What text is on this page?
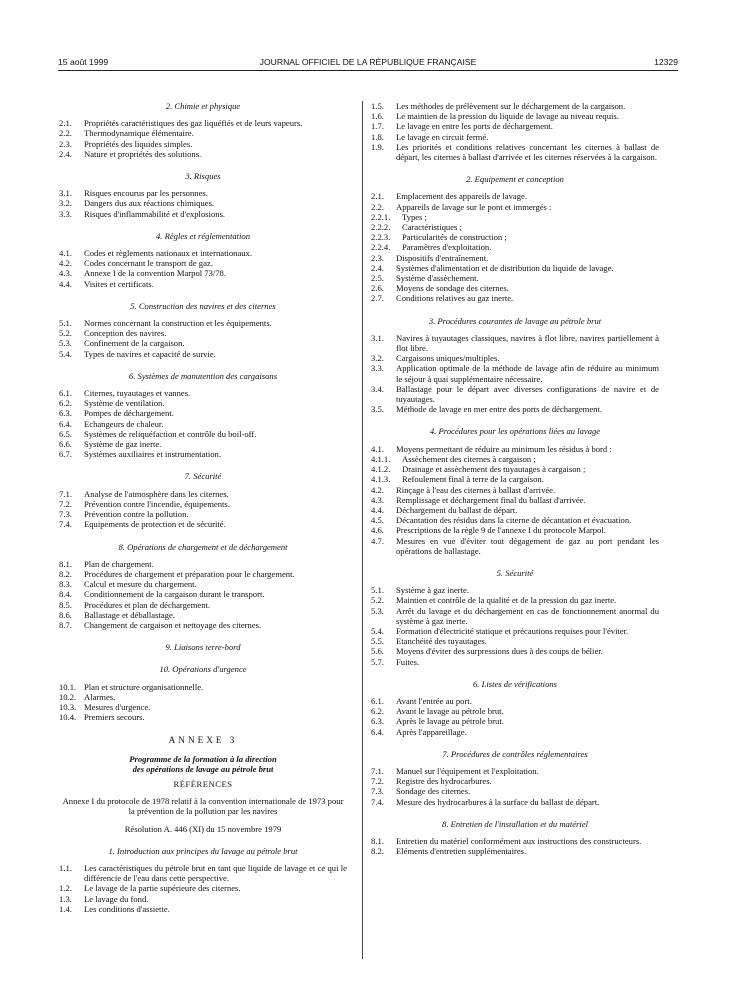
JOURNAL OFFICIEL DE LA RÉPUBLIQUE FRANÇAISE
15 août 1999	12329
2. Chimie et physique
2.1.	Propriétés caractéristiques des gaz liquéfiés et de leurs vapeurs.
2.2.	Thermodynamique élémentaire.
2.3.	Propriétés des liquides simples.
2.4.	Nature et propriétés des solutions.
3. Risques
3.1.	Risques encourus par les personnes.
3.2.	Dangers dus aux réactions chimiques.
3.3.	Risques d'inflammabilité et d'explosions.
4. Règles et réglementation
4.1.	Codes et règlements nationaux et internationaux.
4.2.	Codes concernant le transport de gaz.
4.3.	Annexe I de la convention Marpol 73/78.
4.4.	Visites et certificats.
5. Construction des navires et des citernes
5.1.	Normes concernant la construction et les équipements.
5.2.	Conception des navires.
5.3.	Confinement de la cargaison.
5.4.	Types de navires et capacité de survie.
6. Systèmes de manutention des cargaisons
6.1.	Citernes, tuyautages et vannes.
6.2.	Système de ventilation.
6.3.	Pompes de déchargement.
6.4.	Echangeurs de chaleur.
6.5.	Systèmes de reliquéfaction et contrôle du boil-off.
6.6.	Système de gaz inerte.
6.7.	Systèmes auxiliaires et instrumentation.
7. Sécurité
7.1.	Analyse de l'atmosphère dans les citernes.
7.2.	Prévention contre l'incendie, équipements.
7.3.	Prévention contre la pollution.
7.4.	Equipements de protection et de sécurité.
8. Opérations de chargement et de déchargement
8.1.	Plan de chargement.
8.2.	Procédures de chargement et préparation pour le chargement.
8.3.	Calcul et mesure du chargement.
8.4.	Conditionnement de la cargaison durant le transport.
8.5.	Procédures et plan de déchargement.
8.6.	Ballastage et déballastage.
8.7.	Changement de cargaison et nettoyage des citernes.
9. Liaisons terre-bord
10. Opérations d'urgence
10.1. Plan et structure organisationnelle.
10.2. Alarmes.
10.3. Mesures d'urgence.
10.4. Premiers secours.
ANNEXE 3
Programme de la formation à la direction
des opérations de lavage au pétrole brut
RÉFÉRENCES
Annexe I du protocole de 1978 relatif à la convention internationale de 1973 pour la prévention de la pollution par les navires
Résolution A. 446 (XI) du 15 novembre 1979
1. Introduction aux principes du lavage au pétrole brut
1.1.	Les caractéristiques du pétrole brut en tant que liquide de lavage et ce qui le différencie de l'eau dans cette perspective.
1.2.	Le lavage de la partie supérieure des citernes.
1.3.	Le lavage du fond.
1.4.	Les conditions d'assiette.
1.5.	Les méthodes de prélèvement sur le déchargement de la cargaison.
1.6.	Le maintien de la pression du liquide de lavage au niveau requis.
1.7.	Le lavage en entre les ports de déchargement.
1.8.	Le lavage en circuit fermé.
1.9.	Les priorités et conditions relatives concernant les citernes à ballast de départ, les citernes à ballast d'arrivée et les citernes réservées à la cargaison.
2. Equipement et conception
2.1.	Emplacement des appareils de lavage.
2.2.	Appareils de lavage sur le pont et immergés :
2.2.1.	Types ;
2.2.2.	Caractéristiques ;
2.2.3.	Particularités de construction ;
2.2.4.	Paramètres d'exploitation.
2.3.	Dispositifs d'entraînement.
2.4.	Systèmes d'alimentation et de distribution du liquide de lavage.
2.5.	Système d'assèchement.
2.6.	Moyens de sondage des citernes.
2.7.	Conditions relatives au gaz inerte.
3. Procédures courantes de lavage au pétrole brut
3.1.	Navires à tuyautages classiques, navires à flot libre, navires partiellement à flot libre.
3.2.	Cargaisons uniques/multiples.
3.3.	Application optimale de la méthode de lavage afin de réduire au minimum le séjour à quai supplémentaire nécessaire.
3.4.	Ballastage pour le départ avec diverses configurations de navire et de tuyautages.
3.5.	Méthode de lavage en mer entre des ports de déchargement.
4. Procédures pour les opérations liées au lavage
4.1.	Moyens permettant de réduire au minimum les résidus à bord :
4.1.1.	Assèchement des citernes à cargaison ;
4.1.2.	Drainage et assèchement des tuyautages à cargaison ;
4.1.3.	Refoulement final à terre de la cargaison.
4.2.	Rinçage à l'eau des citernes à ballast d'arrivée.
4.3.	Remplissage et déchargement final du ballast d'arrivée.
4.4.	Déchargement du ballast de départ.
4.5.	Décantation des résidus dans la citerne de décantation et évacuation.
4.6.	Prescriptions de la règle 9 de l'annexe I du protocole Marpol.
4.7.	Mesures en vue d'éviter tout dégagement de gaz au port pendant les opérations de ballastage.
5. Sécurité
5.1.	Système à gaz inerte.
5.2.	Maintien et contrôle de la qualité et de la pression du gaz inerte.
5.3.	Arrêt du lavage et du déchargement en cas de fonctionnement anormal du système à gaz inerte.
5.4.	Formation d'électricité statique et précautions requises pour l'éviter.
5.5.	Etanchéité des tuyautages.
5.6.	Moyens d'éviter des surpressions dues à des coups de bélier.
5.7.	Fuites.
6. Listes de vérifications
6.1.	Avant l'entrée au port.
6.2.	Avant le lavage au pétrole brut.
6.3.	Après le lavage au pétrole brut.
6.4.	Après l'appareillage.
7. Procédures de contrôles réglementaires
7.1.	Manuel sur l'équipement et l'exploitation.
7.2.	Registre des hydrocarbures.
7.3.	Sondage des citernes.
7.4.	Mesure des hydrocarbures à la surface du ballast de départ.
8. Entretien de l'installation et du matériel
8.1.	Entretien du matériel conformément aux instructions des constructeurs.
8.2.	Eléments d'entretien supplémentaires.
